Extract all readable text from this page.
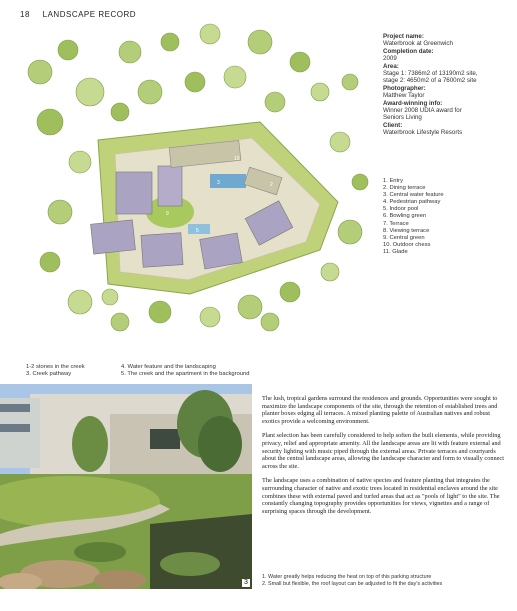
18 LANDSCAPE RECORD
3
5
9
10
2
Project name:
Waterbrook at Greenwich
Completion date:
2009
Area:
Stage 1: 7386m2 of 13190m2 site,
stage 2: 4650m2 of a 7600m2 site
Photographer:
Matthew Taylor
Award-winning info:
Winner 2008 UDIA award for
Seniors Living
Client:
Waterbrook Lifestyle Resorts
1. Entry
2. Dining terrace
3. Central water feature
4. Pedestrian pathway
5. Indoor pool
6. Bowling green
7. Terrace
8. Viewing terrace
9. Central green
10. Outdoor chess
11. Glade
1-2 stones in the creek	4. Water feature and the landscaping
3. Creek pathway	5. The creek and the apartment in the background
3

The lush, tropical gardens surround the residences and grounds. Opportunities were sought to maximize the landscape components of the site, through the retention of established trees and planter boxes edging all terraces. A mixed planting palette of Australian natives and robust exotics provide a welcoming environment.

Plant selection has been carefully considered to help soften the built elements, while providing privacy, relief and appropriate amenity. All the landscape areas are lit with feature external and security lighting with music piped through the external areas. Private terraces and courtyards about the central landscape areas, allowing the landscape character and form to visually connect across the site.

The landscape uses a combination of native species and feature planting that integrates the surrounding character of native and exotic trees located in residential enclaves around the site combines these with external paved and turfed areas that act as "pools of light" to the site. The constantly changing topography provides opportunities for views, vignettes and a range of surprising spaces through the development.

1. Water greatly helps reducing the heat on top of this parking structure
2. Small but flexible, the roof layout can be adjusted to fit the day's activities
